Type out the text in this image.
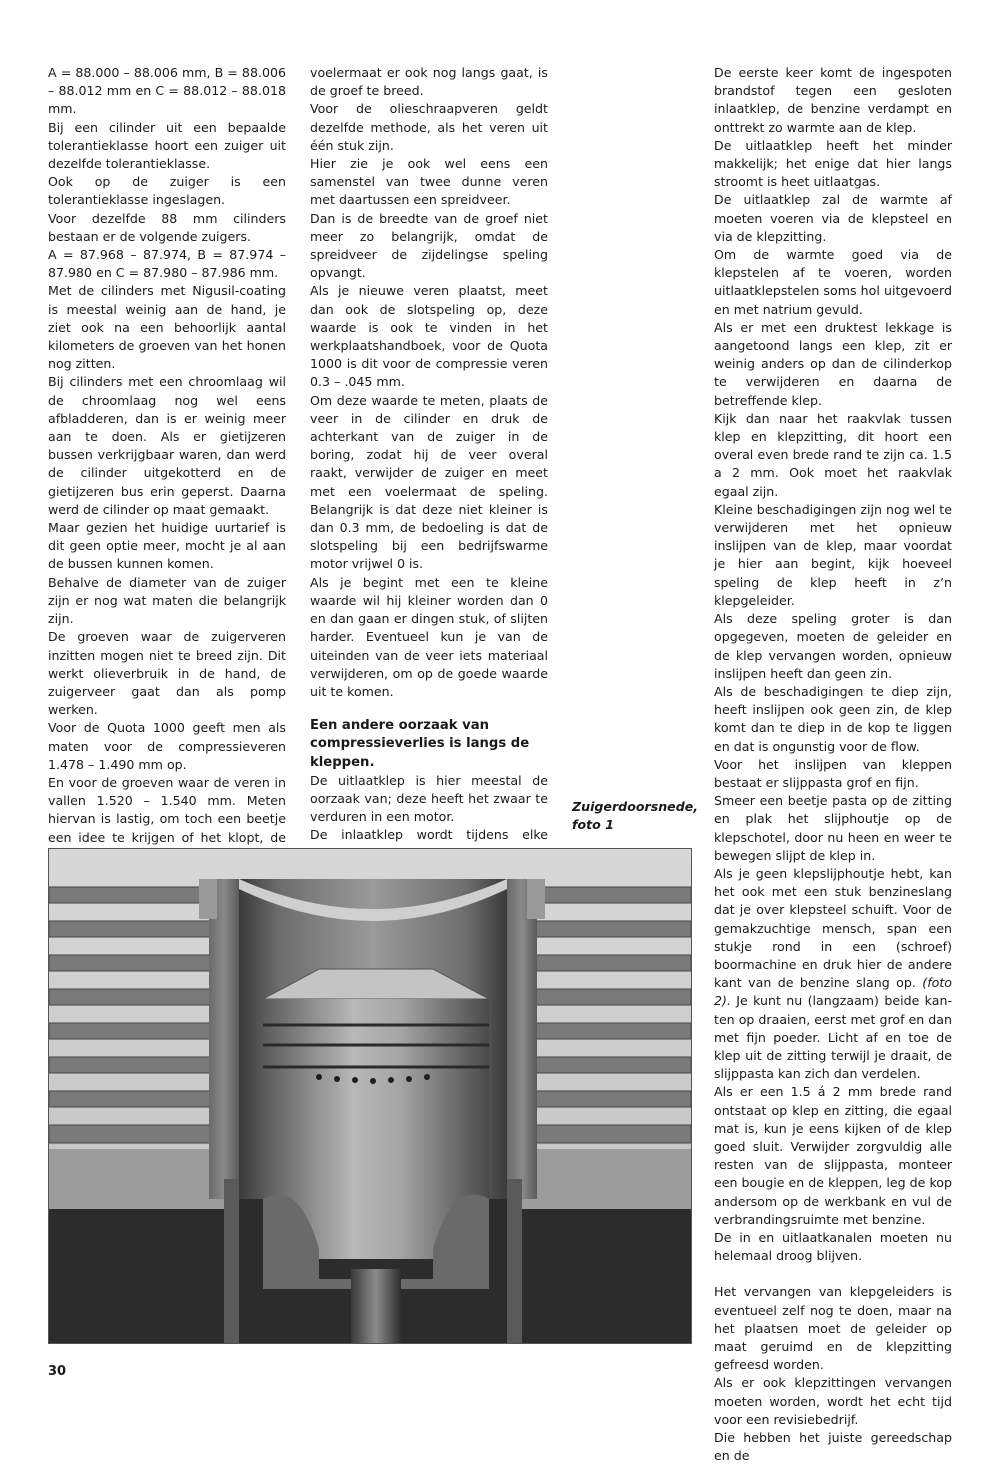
A = 88.000 – 88.006 mm, B = 88.006 – 88.012 mm en C = 88.012 – 88.018 mm.

Bij een cilinder uit een bepaalde tolerantieklasse hoort een zuiger uit dezelfde tolerantieklasse.

Ook op de zuiger is een tolerantieklasse ingeslagen.

Voor dezelfde 88 mm cilinders bestaan er de volgende zuigers.

A = 87.968 – 87.974, B = 87.974 – 87.980 en C = 87.980 – 87.986 mm.

Met de cilinders met Nigusil-coating is meestal weinig aan de hand, je ziet ook na een behoorlijk aantal kilometers de groeven van het honen nog zitten.

Bij cilinders met een chroomlaag wil de chroomlaag nog wel eens afbladderen, dan is er weinig meer aan te doen. Als er gietijzeren bussen verkrijgbaar waren, dan werd de cilinder uitgekotterd en de gietijzeren bus erin geperst. Daarna werd de cilinder op maat gemaakt.

Maar gezien het huidige uurtarief is dit geen optie meer, mocht je al aan de bussen kunnen komen.

Behalve de diameter van de zuiger zijn er nog wat maten die belangrijk zijn.

De groeven waar de zuigerveren inzitten mogen niet te breed zijn. Dit werkt olieverbruik in de hand, de zuigerveer gaat dan als pomp werken.

Voor de Quota 1000 geeft men als maten voor de compressieveren 1.478 – 1.490 mm op.

En voor de groeven waar de veren in vallen 1.520 – 1.540 mm. Meten hiervan is lastig, om toch een beetje een idee te krijgen of het klopt, de

voelermaat er ook nog langs gaat, is de groef te breed.

Voor de olieschraapveren geldt dezelfde methode, als het veren uit één stuk zijn.

Hier zie je ook wel eens een samenstel van twee dunne veren met daartussen een spreidveer.

Dan is de breedte van de groef niet meer zo belangrijk, omdat de spreidveer de zijdelingse speling opvangt.

Als je nieuwe veren plaatst, meet dan ook de slotspeling op, deze waarde is ook te vinden in het werkplaatshandboek, voor de Quota 1000 is dit voor de compressie veren 0.3 – .045 mm.

Om deze waarde te meten, plaats de veer in de cilinder en druk de achterkant van de zuiger in de boring, zodat hij de veer overal raakt, verwijder de zuiger en meet met een voelermaat de speling. Belangrijk is dat deze niet kleiner is dan 0.3 mm, de bedoeling is dat de slotspeling bij een bedrijfswarme motor vrijwel 0 is.

Als je begint met een te kleine waarde wil hij kleiner worden dan 0 en dan gaan er dingen stuk, of slijten harder. Eventueel kun je van de uiteinden van de veer iets materiaal verwijderen, om op de goede waarde uit te komen.

Een andere oorzaak van compressieverlies is langs de kleppen.

De uitlaatklep is hier meestal de oorzaak van; deze heeft het zwaar te verduren in een motor.

De inlaatklep wordt tijdens elke

Zuigerdoorsnede, foto 1

De eerste keer komt de ingespoten brandstof tegen een gesloten inlaatklep, de benzine verdampt en onttrekt zo warmte aan de klep.

De uitlaatklep heeft het minder makkelijk; het enige dat hier langs stroomt is heet uitlaatgas.

De uitlaatklep zal de warmte af moeten voeren via de klepsteel en via de klepzitting.

Om de warmte goed via de klepstelen af te voeren, worden uitlaatklepstelen soms hol uitgevoerd en met natrium gevuld.

Als er met een druktest lekkage is aangetoond langs een klep, zit er weinig anders op dan de cilinderkop te verwijderen en daarna de betreffende klep.

Kijk dan naar het raakvlak tussen klep en klepzitting, dit hoort een overal even brede rand te zijn ca. 1.5 a 2 mm. Ook moet het raakvlak egaal zijn.

Kleine beschadigingen zijn nog wel te verwijderen met het opnieuw inslijpen van de klep, maar voordat je hier aan begint, kijk hoeveel speling de klep heeft in z’n klepgeleider.

Als deze speling groter is dan opgegeven, moeten de geleider en de klep vervangen worden, opnieuw inslijpen heeft dan geen zin.

Als de beschadigingen te diep zijn, heeft inslijpen ook geen zin, de klep komt dan te diep in de kop te liggen en dat is ongunstig voor de flow.

Voor het inslijpen van kleppen bestaat er slijppasta grof en fijn.

Smeer een beetje pasta op de zitting en plak het slijphoutje op de klepschotel, door nu heen en weer te bewegen slijpt de klep in.

Als je geen klepslijphoutje hebt, kan het ook met een stuk benzineslang dat je over klepsteel schuift. Voor de gemakzuchtige mensch, span een stukje rond in een (schroef) boormachine en druk hier de andere kant van de benzine slang op. (foto 2). Je kunt nu (langzaam) beide kanten op draaien, eerst met grof en dan met fijn poeder. Licht af en toe de klep uit de zitting terwijl je draait, de slijppasta kan zich dan verdelen.

Als er een 1.5 á 2 mm brede rand ontstaat op klep en zitting, die egaal mat is, kun je eens kijken of de klep goed sluit. Verwijder zorgvuldig alle resten van de slijppasta, monteer een bougie en de kleppen, leg de kop andersom op de werkbank en vul de verbrandingsruimte met benzine.

De in en uitlaatkanalen moeten nu helemaal droog blijven.

Het vervangen van klepgeleiders is eventueel zelf nog te doen, maar na het plaatsen moet de geleider op maat geruimd en de klepzitting gefreesd worden.

Als er ook klepzittingen vervangen moeten worden, wordt het echt tijd voor een revisiebedrijf.

Die hebben het juiste gereedschap en de

30
